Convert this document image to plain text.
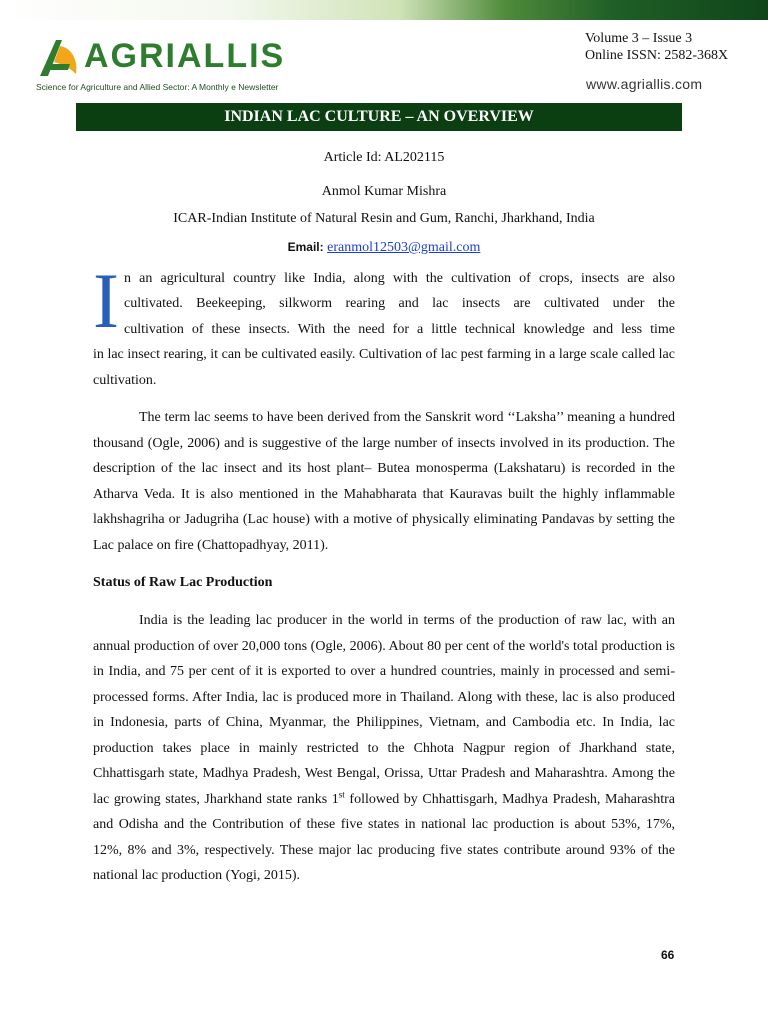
AGRIALLIS
Science for Agriculture and Allied Sector: A Monthly e Newsletter
Volume 3 – Issue 3
Online ISSN: 2582-368X
www.agriallis.com
INDIAN LAC CULTURE – AN OVERVIEW
Article Id: AL202115
Anmol Kumar Mishra
ICAR-Indian Institute of Natural Resin and Gum, Ranchi, Jharkhand, India
Email: eranmol12503@gmail.com
I n an agricultural country like India, along with the cultivation of crops, insects are also

cultivated. Beekeeping, silkworm rearing and lac insects are cultivated under the

cultivation of these insects. With the need for a little technical knowledge and less time

in lac insect rearing, it can be cultivated easily. Cultivation of lac pest farming in a large scale called lac cultivation.

The term lac seems to have been derived from the Sanskrit word ‘‘Laksha’’ meaning a hundred thousand (Ogle, 2006) and is suggestive of the large number of insects involved in its production. The description of the lac insect and its host plant– Butea monosperma (Lakshataru) is recorded in the Atharva Veda. It is also mentioned in the Mahabharata that Kauravas built the highly inflammable lakhshagriha or Jadugriha (Lac house) with a motive of physically eliminating Pandavas by setting the Lac palace on fire (Chattopadhyay, 2011).

Status of Raw Lac Production

India is the leading lac producer in the world in terms of the production of raw lac, with an annual production of over 20,000 tons (Ogle, 2006). About 80 per cent of the world's total production is in India, and 75 per cent of it is exported to over a hundred countries, mainly in processed and semi-processed forms. After India, lac is produced more in Thailand. Along with these, lac is also produced in Indonesia, parts of China, Myanmar, the Philippines, Vietnam, and Cambodia etc. In India, lac production takes place in mainly restricted to the Chhota Nagpur region of Jharkhand state, Chhattisgarh state, Madhya Pradesh, West Bengal, Orissa, Uttar Pradesh and Maharashtra. Among the lac growing states, Jharkhand state ranks 1st followed by Chhattisgarh, Madhya Pradesh, Maharashtra and Odisha and the Contribution of these five states in national lac production is about 53%, 17%, 12%, 8% and 3%, respectively. These major lac producing five states contribute around 93% of the national lac production (Yogi, 2015).

66
